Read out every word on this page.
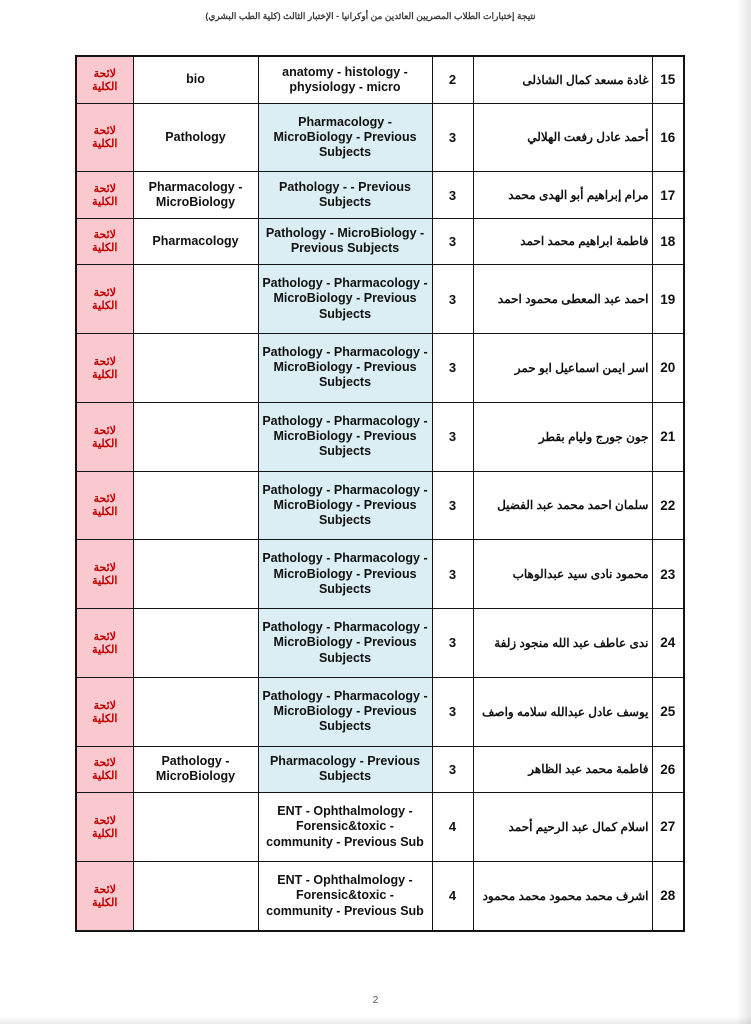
نتيجة إختبارات الطلاب المصريين العائدين من أوكرانيا - الإختبار الثالث (كلية الطب البشري)
15	غادة مسعد كمال الشاذلى	2	anatomy - histology - physiology - micro	bio	لائحة الكلية
16	أحمد عادل رفعت الهلالي	3	Pharmacology - MicroBiology - Previous Subjects	Pathology	لائحة الكلية
17	مرام إبراهيم أبو الهدى محمد	3	Pathology - - Previous Subjects	Pharmacology - MicroBiology	لائحة الكلية
18	فاطمة ابراهيم محمد احمد	3	Pathology - MicroBiology - Previous Subjects	Pharmacology	لائحة الكلية
19	احمد عبد المعطى محمود احمد	3	Pathology - Pharmacology - MicroBiology - Previous Subjects		لائحة الكلية
20	اسر ايمن اسماعيل ابو حمر	3	Pathology - Pharmacology - MicroBiology - Previous Subjects		لائحة الكلية
21	جون جورج وليام بقطر	3	Pathology - Pharmacology - MicroBiology - Previous Subjects		لائحة الكلية
22	سلمان احمد محمد عبد الفضيل	3	Pathology - Pharmacology - MicroBiology - Previous Subjects		لائحة الكلية
23	محمود نادى سيد عبدالوهاب	3	Pathology - Pharmacology - MicroBiology - Previous Subjects		لائحة الكلية
24	ندى عاطف عبد الله منجود زلفة	3	Pathology - Pharmacology - MicroBiology - Previous Subjects		لائحة الكلية
25	يوسف عادل عبدالله سلامه واصف	3	Pathology - Pharmacology - MicroBiology - Previous Subjects		لائحة الكلية
26	فاطمة محمد عبد الظاهر	3	Pharmacology - Previous Subjects	Pathology - MicroBiology	لائحة الكلية
27	اسلام كمال عبد الرحيم أحمد	4	ENT - Ophthalmology - Forensic&toxic - community - Previous Sub		لائحة الكلية
28	اشرف محمد محمود محمد محمود	4	ENT - Ophthalmology - Forensic&toxic - community - Previous Sub		لائحة الكلية
2
